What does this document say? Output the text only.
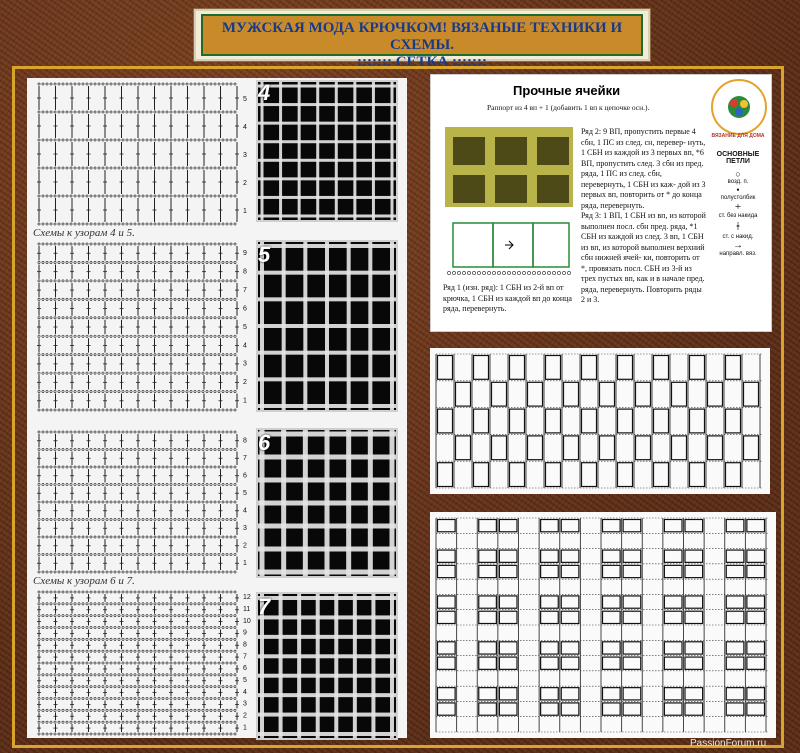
МУЖСКАЯ МОДА КРЮЧКОМ! ВЯЗАНЫЕ ТЕХНИКИ И СХЕМЫ.
::::::: СЕТКА :::::::
5
4
3
2
1
9
8
7
6
5
4
3
2
1
8
7
6
5
4
3
2
1
12
11
10
9
8
7
6
5
4
3
2
1
Схемы к узорам 4 и 5.
Схемы к узорам 6 и 7.
4
5
6
7
Прочные ячейки
Раппорт из 4 вп + 1 (добавить 1 вп к цепочке осн.).
Ряд 1 (изн. ряд): 1 СБН из 2-й вп от крючка, 1 СБН из каждой вп до конца ряда, перевернуть.
Ряд 2: 9 ВП, пропустить первые 4 сбн, 1 ПС из след. сн, перевер- нуть, 1 СБН из каждой из 3 первых вп, *6 ВП, пропустить след. 3 сбн из пред. ряда, 1 ПС из след. сбн, перевернуть, 1 СБН из каж- дой из 3 первых вп, повторить от * до конца ряда, перевернуть.
Ряд 3: 1 ВП, 1 СБН из вп, из которой выполнен посл. сбн пред. ряда, *1 СБН из каждой из след. 3 вп, 1 СБН из вп, из которой выполнен верхний сбн нижней ячей- ки, повторить от *, провязать посл. СБН из 3-й из трех пустых вп, как и в начале пред. ряда, перевернуть. Повторить ряды 2 и 3.
ВЯЗАНИЕ ДЛЯ ДОМА
ОСНОВНЫЕ ПЕТЛИ
○
возд. п.
•
полустолбик
+
ст. без накида
ǂ
ст. с накид.
→
направл. вяз.
PassionForum.ru
